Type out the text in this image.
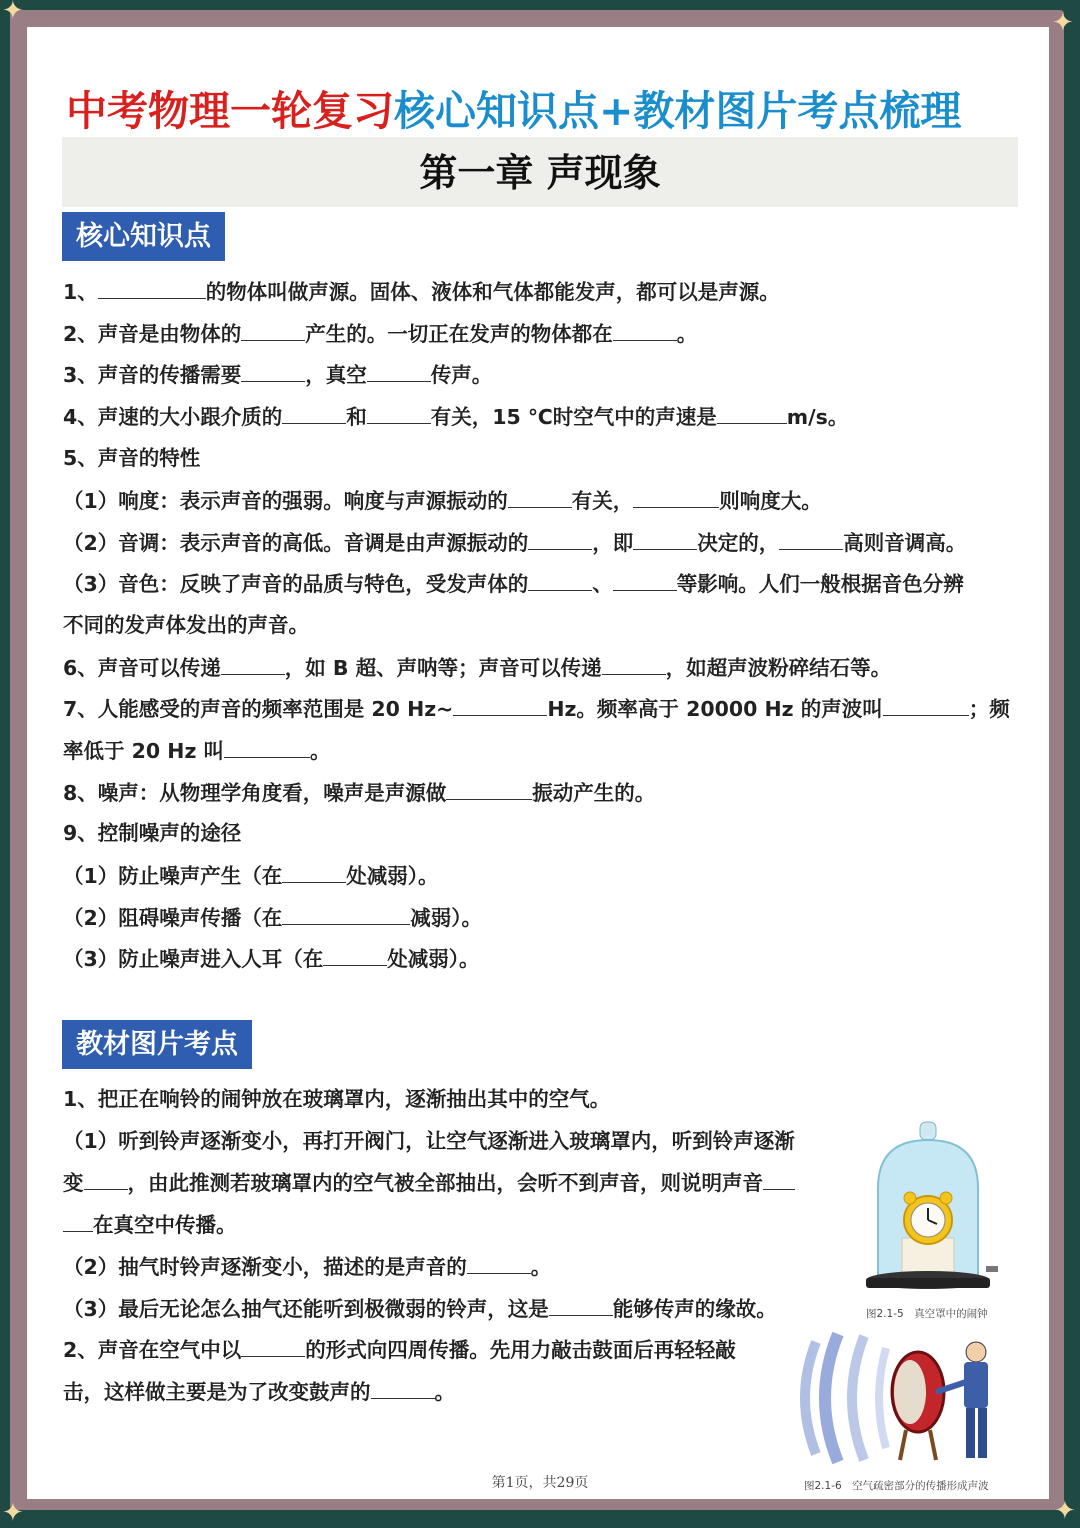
✦	✦
✦	✦
中考物理一轮复习核心知识点+教材图片考点梳理
第一章 声现象
核心知识点
1、	的物体叫做声源。固体、液体和气体都能发声，都可以是声源。
2、声音是由物体的	产生的。一切正在发声的物体都在	。
3、声音的传播需要	，真空	传声。
4、声速的大小跟介质的	和	有关，15 ℃时空气中的声速是	m/s。
5、声音的特性
（1）响度：表示声音的强弱。响度与声源振动的	有关，	则响度大。
（2）音调：表示声音的高低。音调是由声源振动的	，即	决定的，	高则音调高。
（3）音色：反映了声音的品质与特色，受发声体的	、	等影响。人们一般根据音色分辨
不同的发声体发出的声音。
6、声音可以传递	，如 B 超、声呐等；声音可以传递	，如超声波粉碎结石等。
7、人能感受的声音的频率范围是 20 Hz~	Hz。频率高于 20000 Hz 的声波叫	；频
率低于 20 Hz 叫	。
8、噪声：从物理学角度看，噪声是声源做	振动产生的。
9、控制噪声的途径
（1）防止噪声产生（在	处减弱）。
（2）阻碍噪声传播（在	减弱）。
（3）防止噪声进入人耳（在	处减弱）。
教材图片考点
1、把正在响铃的闹钟放在玻璃罩内，逐渐抽出其中的空气。
（1）听到铃声逐渐变小，再打开阀门，让空气逐渐进入玻璃罩内，听到铃声逐渐
变 ，由此推测若玻璃罩内的空气被全部抽出，会听不到声音，则说明声音
在真空中传播。
（2）抽气时铃声逐渐变小，描述的是声音的	。
（3）最后无论怎么抽气还能听到极微弱的铃声，这是	能够传声的缘故。
2、声音在空气中以	的形式向四周传播。先用力敲击鼓面后再轻轻敲
击，这样做主要是为了改变鼓声的	。
图2.1-5　真空罩中的闹钟
图2.1-6　空气疏密部分的传播形成声波
第1页，共29页
